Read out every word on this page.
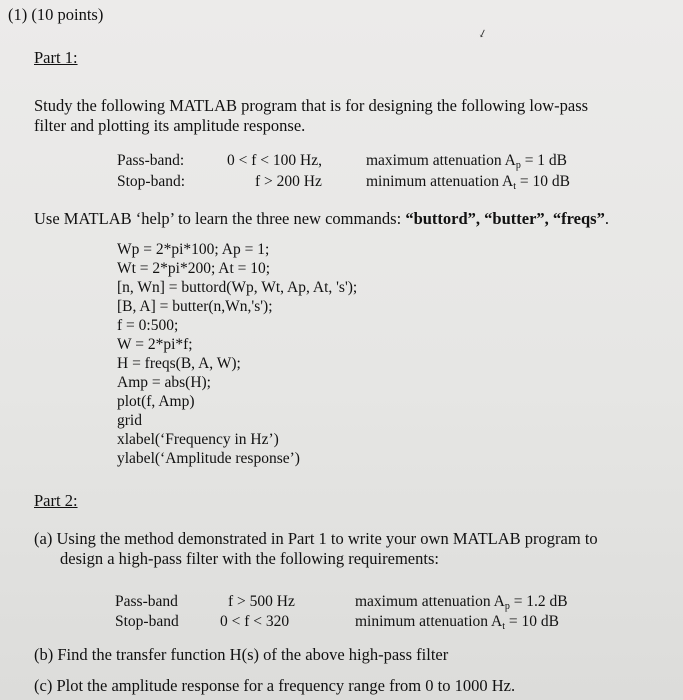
(1) (10 points)
↙
Part 1:
Study the following MATLAB program that is for designing the following low-pass
filter and plotting its amplitude response.
Pass-band:	0 < f < 100 Hz,	maximum attenuation $A_p = 1$ dB
Stop-band:	f > 200 Hz	minimum attenuation $A_t = 10$ dB
Use MATLAB ‘help’ to learn the three new commands: “buttord”, “butter”, “freqs”.
Wp = 2*pi*100; Ap = 1;
Wt = 2*pi*200; At = 10;
[n, Wn] = buttord(Wp, Wt, Ap, At, 's');
[B, A] = butter(n,Wn,'s');
f = 0:500;
W = 2*pi*f;
H = freqs(B, A, W);
Amp = abs(H);
plot(f, Amp)
grid
xlabel(‘Frequency in Hz’)
ylabel(‘Amplitude response’)
Part 2:
(a) Using the method demonstrated in Part 1 to write your own MATLAB program to
design a high-pass filter with the following requirements:
Pass-band	f > 500 Hz	maximum attenuation $A_p = 1.2$ dB
Stop-band	0 < f < 320	minimum attenuation $A_t = 10$ dB
(b) Find the transfer function H(s) of the above high-pass filter
(c) Plot the amplitude response for a frequency range from 0 to 1000 Hz.
